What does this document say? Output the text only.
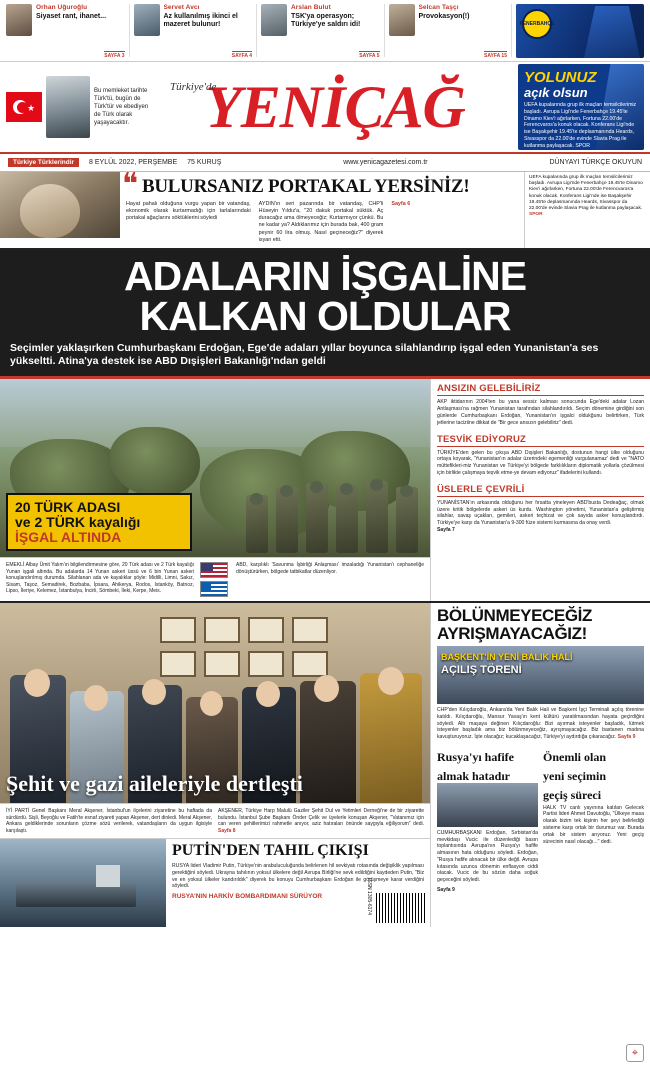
Orhan Uğuroğlu
Siyaset rant, ihanet...
SAYFA 3
Servet Avcı
Az kullanılmış ikinci el mazeret bulunur!
SAYFA 4
Arslan Bulut
TSK'ya operasyon; Türkiye'ye saldırı idi!
SAYFA 5
Selcan Taşçı
Provokasyon(!)
SAYFA 15
FENERBAHÇE
★
Bu memleket tarihte Türk'tü, bugün de Türk'tür ve ebediyen de Türk olarak yaşayacaktır.
Türkiye'de
YENİÇAĞ	YOLUNUZ
açık olsun
UEFA kupalarında grup ilk maçları temsilcilerimiz başladı. Avrupa Ligi'nde Fenerbahçe 19.45'te Dinamo Kiev'i ağırlarken, Fortuna 22.00'de Ferencvaros'a konuk olacak. Konferans Ligi'nde ise Başakşehir 19.45'te deplasmanında Heards, Sivasspor da 22.00'de evinde Slavia Prag ile kutlanma paylaşacak. SPOR
Türkiye Türklerindir	8 EYLÜL 2022, PERŞEMBE 75 KURUŞ	www.yenicagazetesi.com.tr	DÜNYAYI TÜRKÇE OKUYUN
❝ BULURSANIZ PORTAKAL YERSİNİZ!
Hayat pahalı olduğuna vurgu yapan bir vatandaş, ekonomik olarak kurtarmadığı için tarlalarındaki portakal ağaçlarını söktüklerini söyledi
AYDIN'ın seri pazarında bir vatandaş, CHP'li Hüseyin Yıldız'a, "20 dakuk portakal süktük. Aç duracağız ama ölmeyeceğiz; Kurtarmıyor çünkü. Bu ne kadar ya? Aldıklarımız için burada bak, 400 gram peynir 60 lira olmuş. Nasıl geçineceğiz?" diyerek isyan etti.
Sayfa 6
UEFA kupalarında grup ilk maçları temsilcilerimiz başladı. Avrupa Ligi'nde Fenerbahçe 19.45'te Dinamo Kiev'i ağırlarken, Fortuna 22.00'de Ferencvaros'a konuk olacak. Konferans Ligi'nde ise Başakşehir 19.45'te deplasmanında Heards, Sivasspor da 22.00'de evinde Slavia Prag ile kutlanma paylaşacak. SPOR
ADALARIN İŞGALİNE
KALKAN OLDULAR
Seçimler yaklaşırken Cumhurbaşkanı Erdoğan, Ege'de adaları yıllar boyunca silahlandırıp işgal eden Yunanistan'a ses yükseltti. Atina'ya destek ise ABD Dışişleri Bakanlığı'ndan geldi
20 TÜRK ADASI
ve 2 TÜRK kayalığı
İŞGAL ALTINDA
EMEKLİ Albay Ümit Yalım'ın bilgilendirmesine göre, 20 Türk adası ve 2 Türk kayalığı Yunan işgali altında. Bu adalarda 14 Yunan askeri üssü ve 6 bin Yunan askeri konuşlandırılmış durumda. Silahlanan ada ve kayalıklar şöyle: Midilli, Limni, Sakız, Sisam, Taşoz, Semadirek, Bozbaba, İpsara, Ahikerya, Rodos, Istanköy, Batnoz, Lipso, İleriye, Kelemez, İstanbulya, İncirli, Sömbeki, İleki, Kerpe, Meis.
ABD, karşılıklı 'Savunma İşbirliği Anlaşması' imzaladığı Yunanistan'ı cephaneliğe dönüştürürken, bölgede tatbikatlar düzenliyor.
ANSIZIN GELEBİLİRİZ
AKP iktidarının 2004'ten bu yana sessiz kalması sonucunda Ege'deki adalar Lozan Antlaşması'na rağmen Yunanistan tarafından silahlandırıldı. Seçim dönemine girdiğini son günlerde Cumhurbaşkanı Erdoğan, Yunanistan'ın işgalci oldukğunu belirtirken, Türk jetlerine taciziine dikkat de "Bir gece ansızın gelebiliriz" dedi.
TESVİK EDİYORUZ
TÜRKİYE'den gelen bu çıkışa ABD Dışişleri Bakanlığı, dostunun hangi ülke olduğunu ortaya koyarak, 'Yunanistan'ın adalar üzerindeki egemenliği vurgulanamaz' dedi ve "NATO müttefikleri-miz Yunanistan ve Türkiye'yi bölgede farklılıkların diplomatik yollarla çözülmesi için birlikte çalışmaya teşvik etme-ye devam ediyoruz" ifadelerini kullandı.
ÜSLERLE ÇEVRİLİ
YUNANİSTAN'ın arkasında olduğunu her fırsatta yineleyen ABD'busta Dedeağaç, olmak üzere kritik bölgelerde askeri üs kurdu. Washington yönetimi, Yunanistan'a geliştirmiş silahlar, savaş uçakları, gemileri, askeri teçhizat ve çok sayıda asker konuşlandırdı. Türkiye'ye karşı da Yunanistan'a 9-300 füze sistemi kurmasına da onay verdi.
Sayfa 7
Şehit ve gazi aileleriyle dertleşti
İYİ PARTİ Genel Başkanı Meral Akşener, İstanbul'un ilçelerini ziyaretine bu haftada da sürdürdü. Sişli, Beyoğlu ve Fatih'te esnaf ziyareti yapan Akşener, dert dinledi. Meral Akşener, Ankara geldiklerinde sorunların çözme sözü verilerek, vatandaşların da uygun ilgisiyle karşılaştı.
AKŞENER, Türkiye Harp Malulü Gaziler Şehit Dul ve Yetimleri Derneği'ne de bir ziyarette bulundu. İstanbul Şube Başkanı Önder Çelik ve üyelerle konuşan Akşener, "Vatanımız için can veren şehitlerimizi rahmetle anıyor, aziz hatıraları önünde saygıyla eğiliyorum" dedi. Sayfa 8
PUTİN'DEN TAHIL ÇIKIŞI
RUSYA lideri Vladimir Putin, Türkiye'nin arabuluculuğunda belirlenen hil sevkiyatı rotasında değişiklik yapılması gerektiğini söyledi. Ukrayna tahılının yoksul ülkelere değil Avrupa Birliği'ne sevk edildiğini kaydeden Putin, "Biz ve en yoksul ülkeler kandırıldık" diyerek bu konuyu Cumhurbaşkanı Erdoğan ile görüşmeye karar verdiğini söyledi.
RUSYA'NIN HARKİV BOMBARDIMANI SÜRÜYOR	ISSN 1305-6174
BÖLÜNMEYECEĞİZ
AYRIŞMAYACAĞIZ!
BAŞKENT'İN YENİ BALIK HALİ
AÇILIŞ TÖRENİ
CHP'den Kılıçdaroğlu, Ankara'da Yeni Balık Hali ve Başkent İşçi Terminali açılış törenine katıldı. Kılıçdaroğlu, Mansur Yavaş'ın kent kültürü yaratılmasından hayata geçirdiğini söyledi. Altı maşaya değinen Kılıçdaroğlu: Bizi ayırmak isteyenler başladık, lütmek isteyenler başladık ama biz bölünmeyeceğiz, ayrışmayacağız. Biz bastanerı madına kavuşturuyoruz. İşte olacağız; kucaklaşacağız, Türkiye'yi aydırdığa çıkaracağız. Sayfa 9
Rusya'yı hafife
almak hatadır
CUMHURBAŞKANI Erdoğan, Sırbistan'da mevkidaşı Vucic ile düzenlediği basın toplantısında Avrupa'nın Rusya'yı hafife almasının hata olduğunu söyledi. Erdoğan, "Rusya hafife alınacak bir ülke değil. Avrupa kıtasında uzunca dönemin enflasyon ciddi olacak. Vucic de bu sözün daha soğuk geçeceğini söyledi.
Sayfa 9
Önemli olan
yeni seçimin
geçiş süreci
HALK TV canlı yayınına katılan Gelecek Partisi lideri Ahmet Davutoğlu, "Ülkeye masa olarak bizim tek kişinin her şeyi belirlediği sisteme karşı ortak bir durumuz var. Burada ortak bir sistem arıyoruz. Yeni geçiş sürecinin nasıl olacağı..." dedi.
⌖
